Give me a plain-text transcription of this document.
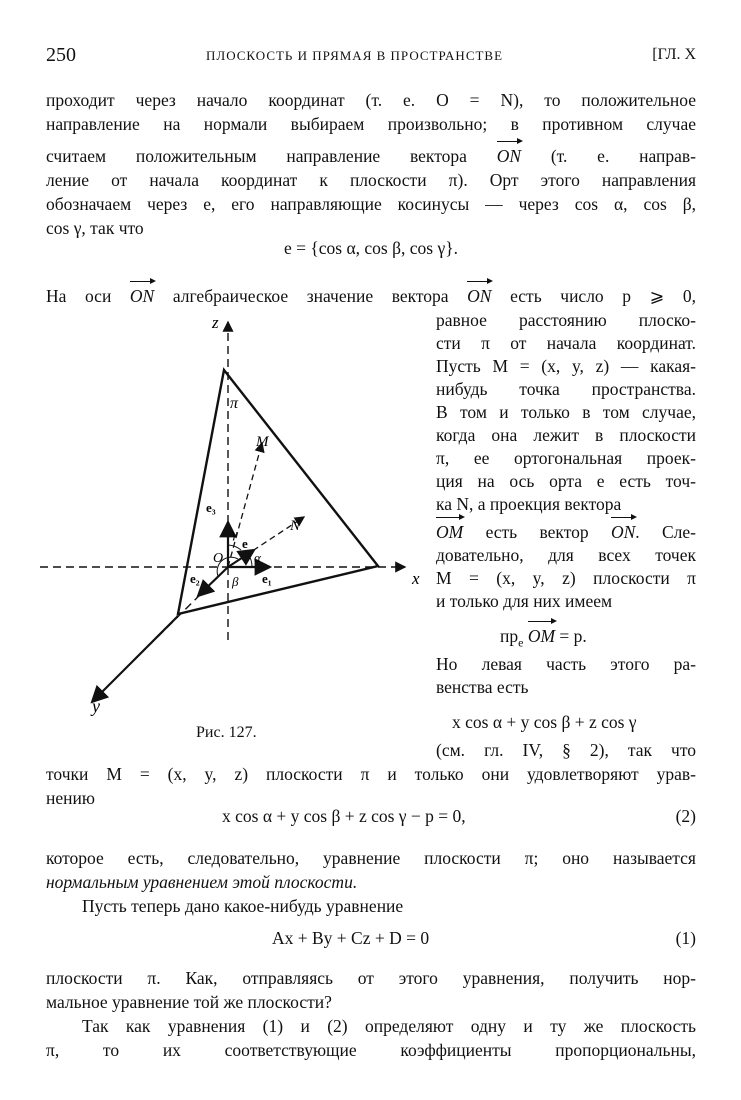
250	ПЛОСКОСТЬ И ПРЯМАЯ В ПРОСТРАНСТВЕ	[ГЛ. X
проходит через начало координат (т. е. O = N), то положительное
направление на нормали выбираем произвольно; в противном случае
считаем положительным направление вектора ON (т. е. направ-
ление от начала координат к плоскости π). Орт этого направления
обозначаем через e, его направляющие косинусы — через cos α, cos β,
cos γ, так что
e = {cos α, cos β, cos γ}.
На оси ON алгебраическое значение вектора ON есть число p ⩾ 0,
равное расстоянию плоско-
сти π от начала координат.
Пусть M = (x, y, z) — какая-
нибудь точка пространства.
В том и только в том случае,
когда она лежит в плоскости
π, ее ортогональная проек-
ция на ось орта e есть точ-
ка N, а проекция вектора
OM есть вектор ON. Сле-
довательно, для всех точек
M = (x, y, z) плоскости π
и только для них имеем
$пр_e$ OM = p.
Но левая часть этого ра-
венства есть
x cos α + y cos β + z cos γ
(см. гл. IV, § 2), так что
z
x
y
π
M
N
O
e
e₁
e₂
e₃
α
β
γ
Рис. 127.
точки M = (x, y, z) плоскости π и только они удовлетворяют урав-
нению
x cos α + y cos β + z cos γ − p = 0,	(2)
которое есть, следовательно, уравнение плоскости π; оно называется
нормальным уравнением этой плоскости.
Пусть теперь дано какое-нибудь уравнение
Ax + By + Cz + D = 0	(1)
плоскости π. Как, отправляясь от этого уравнения, получить нор-
мальное уравнение той же плоскости?
Так как уравнения (1) и (2) определяют одну и ту же плоскость
π, то их соответствующие коэффициенты пропорциональны,
